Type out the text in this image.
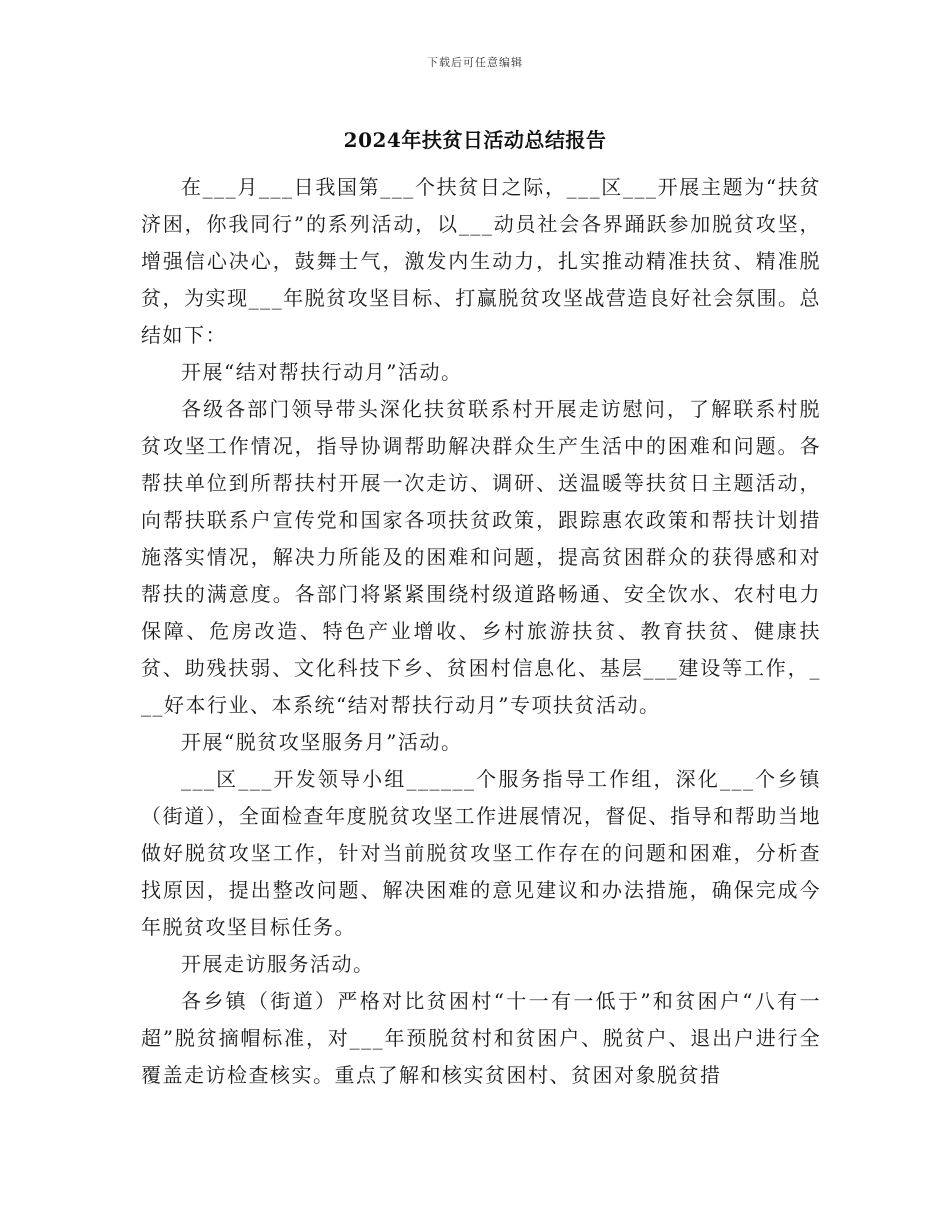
下载后可任意编辑
2024年扶贫日活动总结报告

在___月___日我国第___个扶贫日之际，___区___开展主题为“扶贫济困，你我同行”的系列活动，以___动员社会各界踊跃参加脱贫攻坚，增强信心决心，鼓舞士气，激发内生动力，扎实推动精准扶贫、精准脱贫，为实现___年脱贫攻坚目标、打赢脱贫攻坚战营造良好社会氛围。总结如下：

开展“结对帮扶行动月”活动。

各级各部门领导带头深化扶贫联系村开展走访慰问，了解联系村脱贫攻坚工作情况，指导协调帮助解决群众生产生活中的困难和问题。各帮扶单位到所帮扶村开展一次走访、调研、送温暖等扶贫日主题活动，向帮扶联系户宣传党和国家各项扶贫政策，跟踪惠农政策和帮扶计划措施落实情况，解决力所能及的困难和问题，提高贫困群众的获得感和对帮扶的满意度。各部门将紧紧围绕村级道路畅通、安全饮水、农村电力保障、危房改造、特色产业增收、乡村旅游扶贫、教育扶贫、健康扶贫、助残扶弱、文化科技下乡、贫困村信息化、基层___建设等工作，___好本行业、本系统“结对帮扶行动月”专项扶贫活动。

开展“脱贫攻坚服务月”活动。

___区___开发领导小组______个服务指导工作组，深化___个乡镇（街道），全面检查年度脱贫攻坚工作进展情况，督促、指导和帮助当地做好脱贫攻坚工作，针对当前脱贫攻坚工作存在的问题和困难，分析查找原因，提出整改问题、解决困难的意见建议和办法措施，确保完成今年脱贫攻坚目标任务。

开展走访服务活动。

各乡镇（街道）严格对比贫困村“十一有一低于”和贫困户“八有一超”脱贫摘帽标准，对___年预脱贫村和贫困户、脱贫户、退出户进行全覆盖走访检查核实。重点了解和核实贫困村、贫困对象脱贫措
